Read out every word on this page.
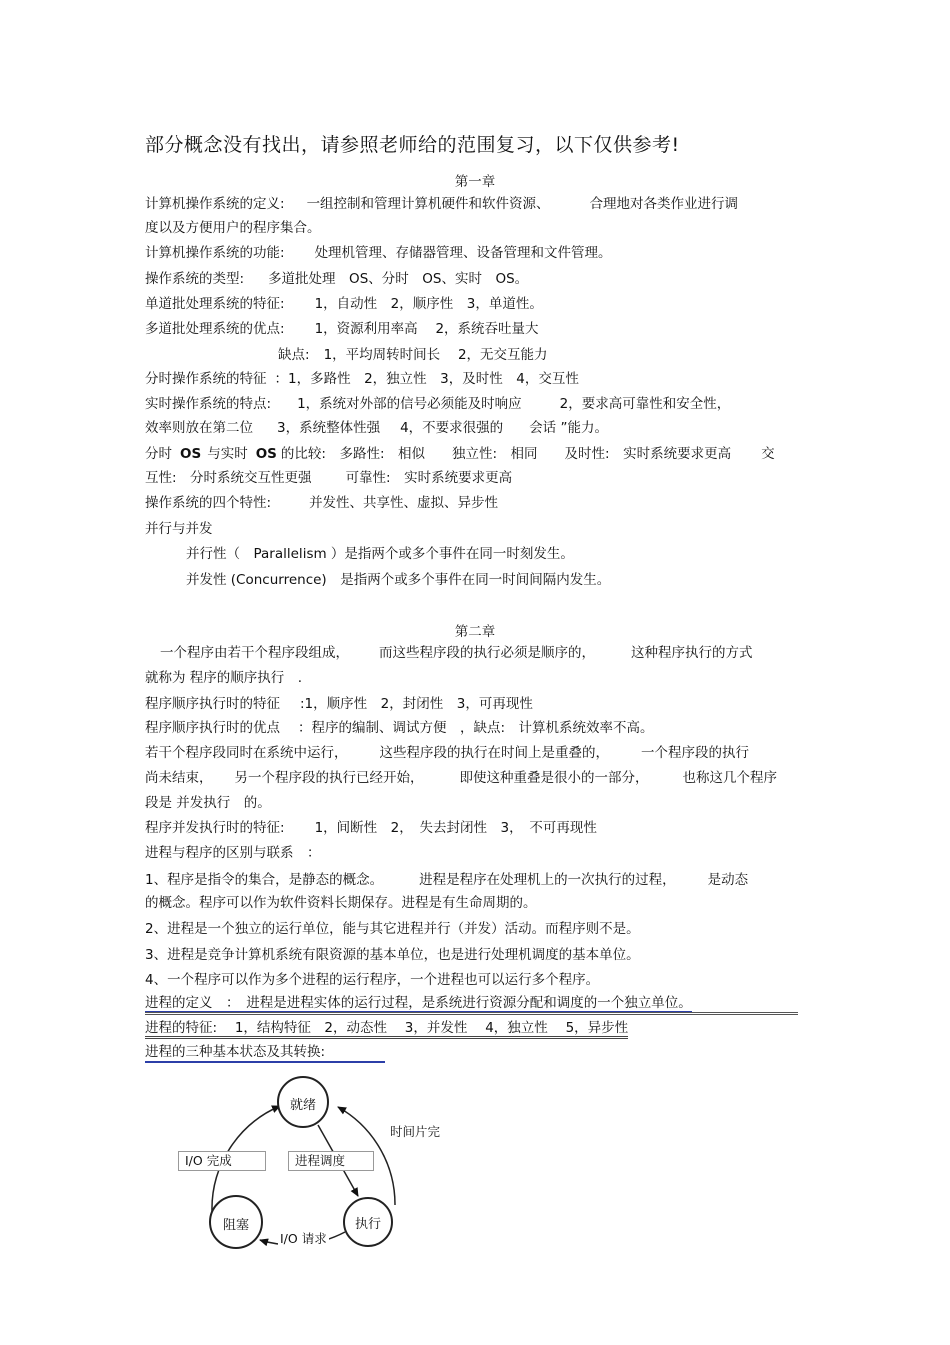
部分概念没有找出，请参照老师给的范围复习，以下仅供参考!
第一章
计算机操作系统的定义: 一组控制和管理计算机硬件和软件资源、	合理地对各类作业进行调
度以及方便用户的程序集合。
计算机操作系统的功能: 处理机管理、存储器管理、设备管理和文件管理。
操作系统的类型: 多道批处理　OS、分时　OS、实时　OS。
单道批处理系统的特征: 1，自动性　2，顺序性　3，单道性。
多道批处理系统的优点: 1，资源利用率高　 2，系统吞吐量大
缺点: 1，平均周转时间长　 2，无交互能力
分时操作系统的特征 ：1，多路性　2，独立性　3，及时性　4，交互性
实时操作系统的特点: 1，系统对外部的信号必须能及时响应	2，要求高可靠性和安全性，
效率则放在第二位 3，系统整体性强 4，不要求很强的 会话 ”能力。
分时 OS 与实时 OS 的比较:　多路性:　相似　　独立性:　相同　　及时性:　实时系统要求更高 交
互性:　分时系统交互性更强	可靠性:　实时系统要求更高
操作系统的四个特性:	并发性、共享性、虚拟、异步性
并行与并发
并行性（　Parallelism ）是指两个或多个事件在同一时刻发生。
并发性 (Concurrence)　是指两个或多个事件在同一时间间隔内发生。
第二章
一个程序由若干个程序段组成， 而这些程序段的执行必须是顺序的，	这种程序执行的方式
就称为 程序的顺序执行　.
程序顺序执行时的特征 :1，顺序性　2，封闭性　3，可再现性
程序顺序执行时的优点 ：程序的编制、调试方便　，缺点:　计算机系统效率不高。
若干个程序段同时在系统中运行， 这些程序段的执行在时间上是重叠的， 一个程序段的执行
尚未结束， 另一个程序段的执行已经开始，	即使这种重叠是很小的一部分，	也称这几个程序
段是 并发执行　的。
程序并发执行时的特征: 1，间断性　2，　失去封闭性　3，　不可再现性
进程与程序的区别与联系　：
1、程序是指令的集合，是静态的概念。	进程是程序在处理机上的一次执行的过程， 是动态
的概念。程序可以作为软件资料长期保存。进程是有生命周期的。
2、进程是一个独立的运行单位，能与其它进程并行（并发）活动。而程序则不是。
3、进程是竞争计算机系统有限资源的基本单位，也是进行处理机调度的基本单位。
4、一个程序可以作为多个进程的运行程序，一个进程也可以运行多个程序。
进程的定义　：　进程是进程实体的运行过程，是系统进行资源分配和调度的一个独立单位。
进程的特征:　 1，结构特征　2，动态性　 3，并发性　 4，独立性　 5，异步性
进程的三种基本状态及其转换:
就绪
阻塞	执行
I/O 完成	进程调度
时间片完
I/O 请求
